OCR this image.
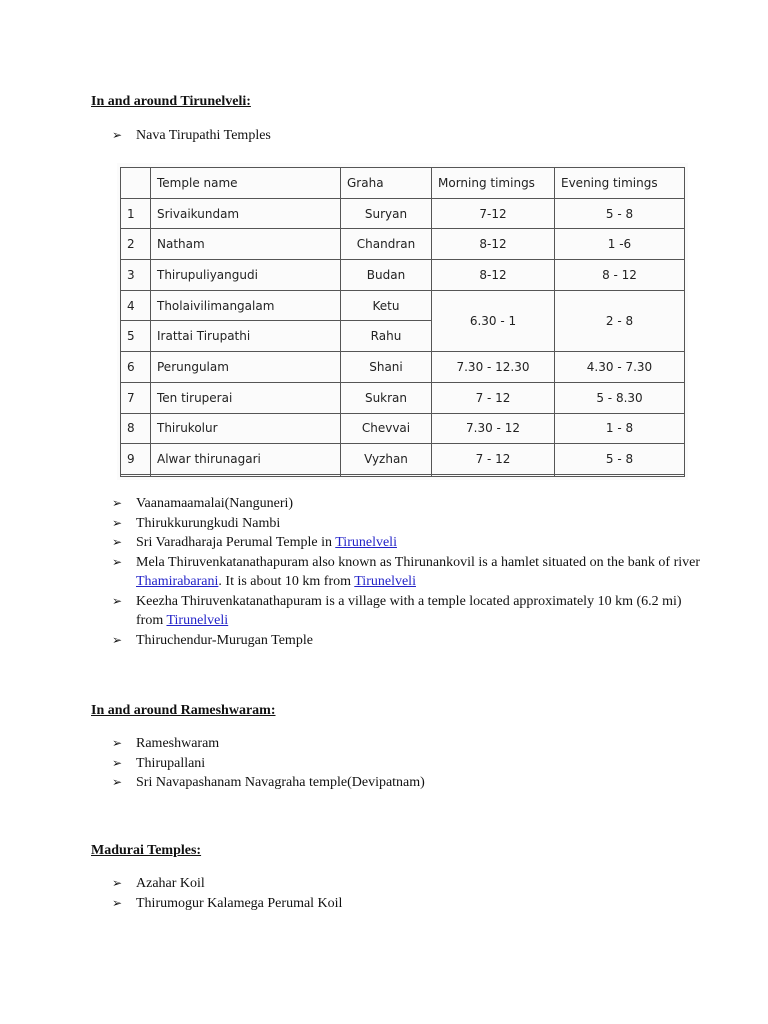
In and around Tirunelveli:
➢ Nava Tirupathi Temples
	Temple name	Graha	Morning timings	Evening timings
1	Srivaikundam	Suryan	7-12	5 - 8
2	Natham	Chandran	8-12	1 -6
3	Thirupuliyangudi	Budan	8-12	8 - 12
4	Tholaivilimangalam	Ketu	6.30 - 1	2 - 8
5	Irattai Tirupathi	Rahu		
6	Perungulam	Shani	7.30 - 12.30	4.30 - 7.30
7	Ten tiruperai	Sukran	7 - 12	5 - 8.30
8	Thirukolur	Chevvai	7.30 - 12	1 - 8
9	Alwar thirunagari	Vyzhan	7 - 12	5 - 8

➢ Vaanamaamalai(Nanguneri)
➢ Thirukkurungkudi Nambi
➢ Sri Varadharaja Perumal Temple in Tirunelveli
➢ Mela Thiruvenkatanathapuram also known as Thirunankovil is a hamlet situated on the bank of river Thamirabarani. It is about 10 km from Tirunelveli
➢ Keezha Thiruvenkatanathapuram is a village with a temple located approximately 10 km (6.2 mi) from Tirunelveli
➢ Thiruchendur-Murugan Temple
In and around Rameshwaram:
➢ Rameshwaram
➢ Thirupallani
➢ Sri Navapashanam Navagraha temple(Devipatnam)
Madurai Temples:
➢ Azahar Koil
➢ Thirumogur Kalamega Perumal Koil
